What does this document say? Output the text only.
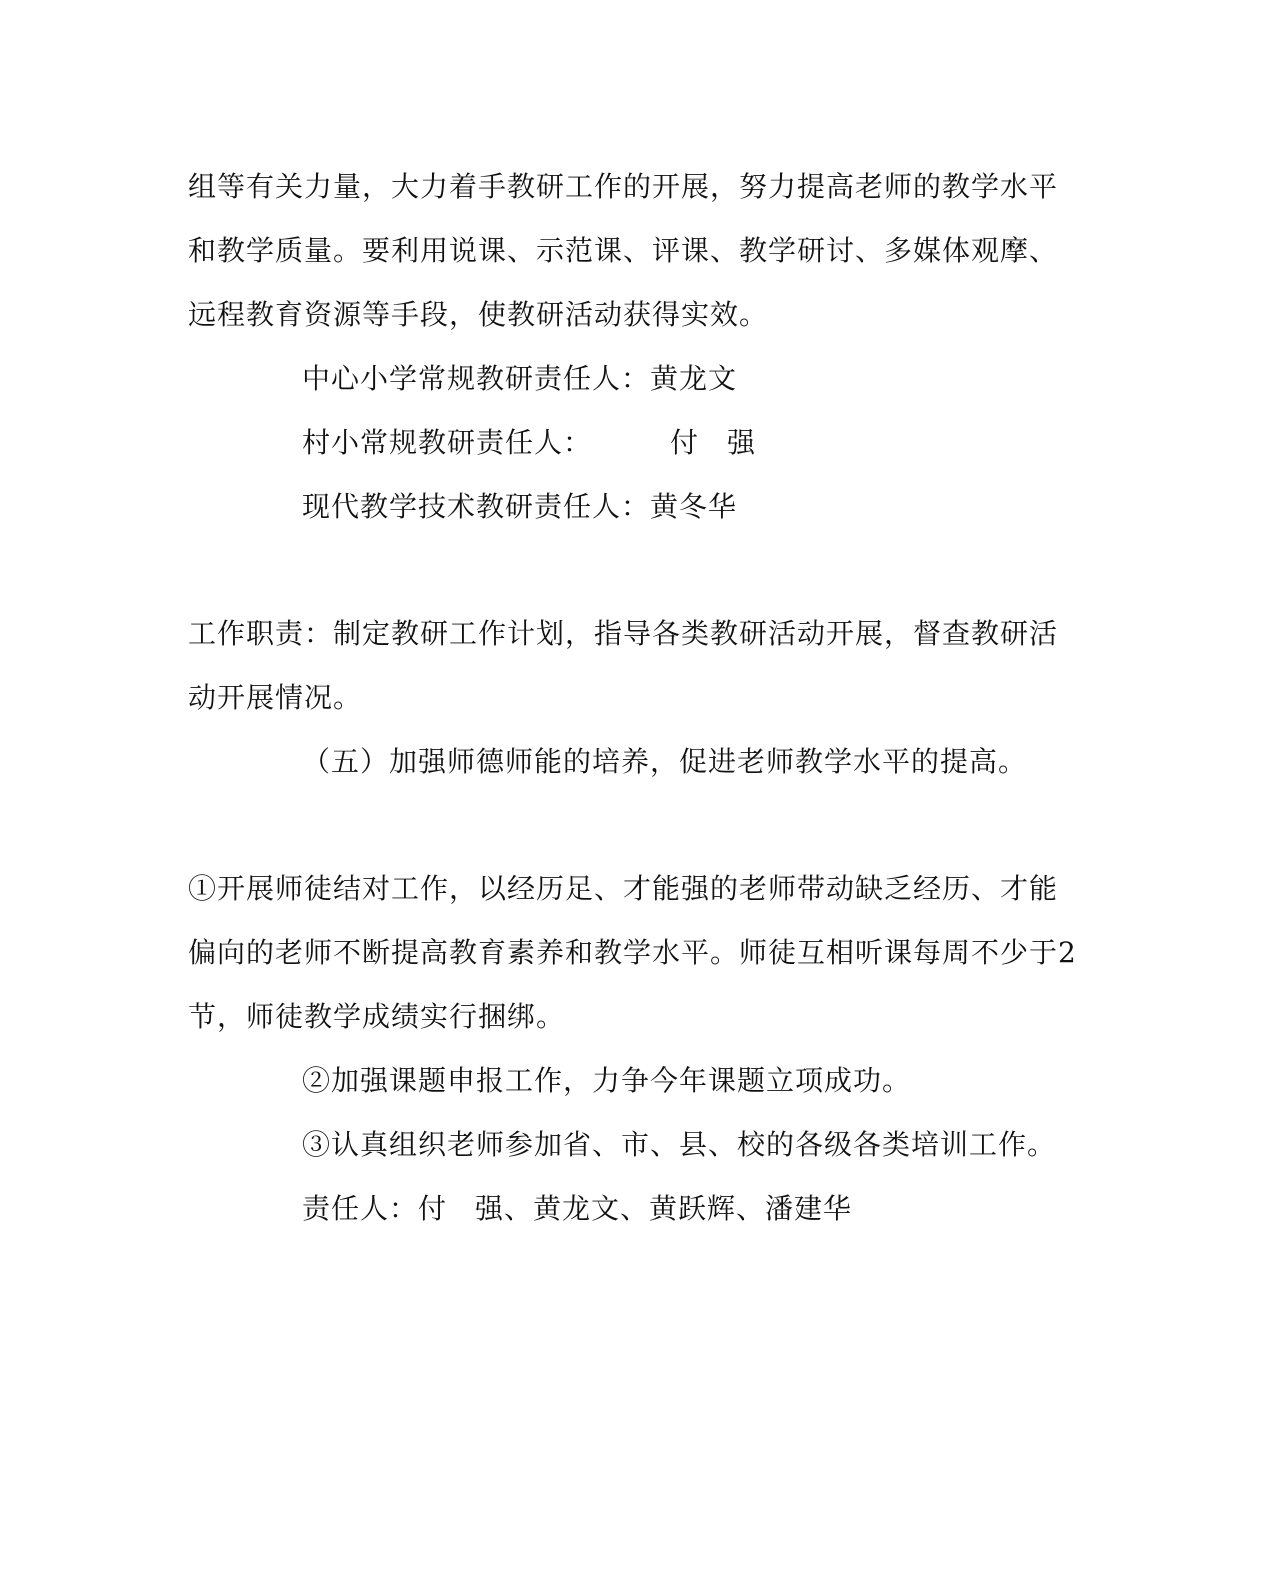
组等有关力量，大力着手教研工作的开展，努力提高老师的教学水平
和教学质量。要利用说课、示范课、评课、教学研讨、多媒体观摩、
远程教育资源等手段，使教研活动获得实效。
中心小学常规教研责任人：黄龙文
村小常规教研责任人：	付 强
现代教学技术教研责任人：黄冬华
工作职责：制定教研工作计划，指导各类教研活动开展，督查教研活
动开展情况。
（五）加强师德师能的培养，促进老师教学水平的提高。
①开展师徒结对工作，以经历足、才能强的老师带动缺乏经历、才能
偏向的老师不断提高教育素养和教学水平。师徒互相听课每周不少于2
节，师徒教学成绩实行捆绑。
②加强课题申报工作，力争今年课题立项成功。
③认真组织老师参加省、市、县、校的各级各类培训工作。
责任人：付 强、黄龙文、黄跃辉、潘建华
